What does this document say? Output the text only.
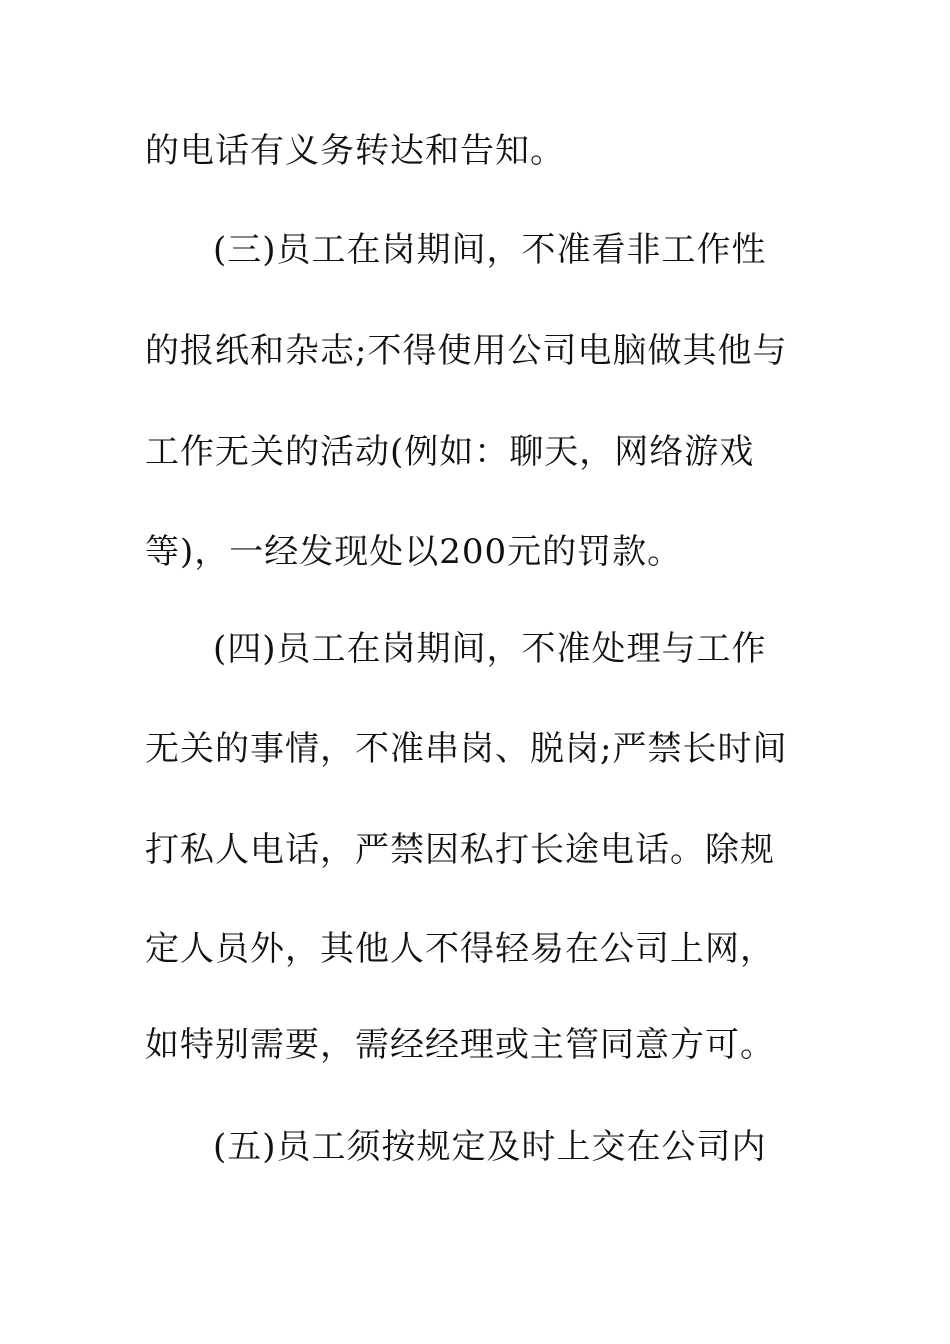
的电话有义务转达和告知。
(三)员工在岗期间，不准看非工作性
的报纸和杂志;不得使用公司电脑做其他与
工作无关的活动(例如：聊天，网络游戏
等)，一经发现处以200元的罚款。
(四)员工在岗期间，不准处理与工作
无关的事情，不准串岗、脱岗;严禁长时间
打私人电话，严禁因私打长途电话。除规
定人员外，其他人不得轻易在公司上网，
如特别需要，需经经理或主管同意方可。
(五)员工须按规定及时上交在公司内
